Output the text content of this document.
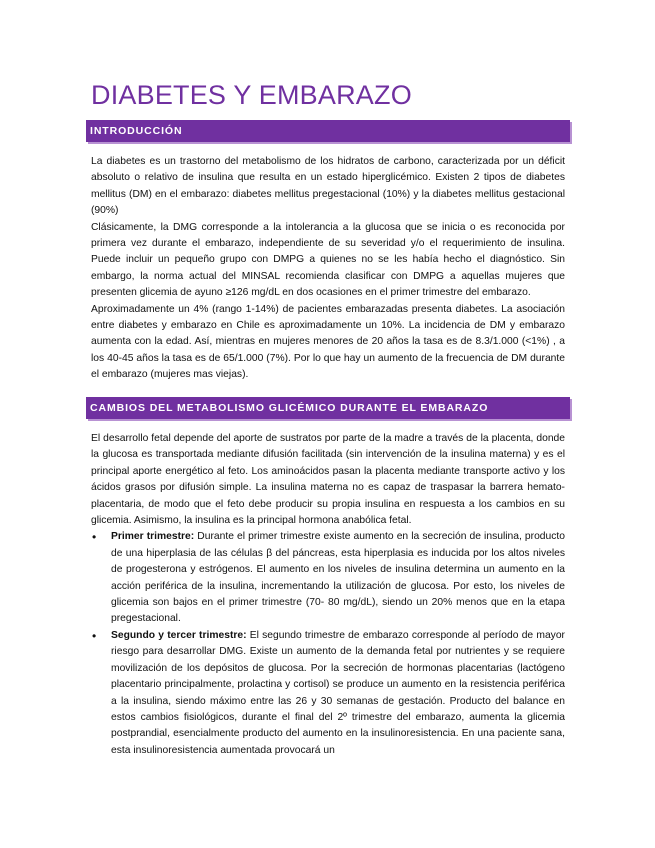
DIABETES Y EMBARAZO
INTRODUCCIÓN

La diabetes es un trastorno del metabolismo de los hidratos de carbono, caracterizada por un déficit absoluto o relativo de insulina que resulta en un estado hiperglicémico. Existen 2 tipos de diabetes mellitus (DM) en el embarazo: diabetes mellitus pregestacional (10%) y la diabetes mellitus gestacional (90%)

Clásicamente, la DMG corresponde a la intolerancia a la glucosa que se inicia o es reconocida por primera vez durante el embarazo, independiente de su severidad y/o el requerimiento de insulina. Puede incluir un pequeño grupo con DMPG a quienes no se les había hecho el diagnóstico. Sin embargo, la norma actual del MINSAL recomienda clasificar con DMPG a aquellas mujeres que presenten glicemia de ayuno ≥126 mg/dL en dos ocasiones en el primer trimestre del embarazo.

Aproximadamente un 4% (rango 1-14%) de pacientes embarazadas presenta diabetes. La asociación entre diabetes y embarazo en Chile es aproximadamente un 10%. La incidencia de DM y embarazo aumenta con la edad. Así, mientras en mujeres menores de 20 años la tasa es de 8.3/1.000 (<1%) , a los 40-45 años la tasa es de 65/1.000 (7%). Por lo que hay un aumento de la frecuencia de DM durante el embarazo (mujeres mas viejas).

CAMBIOS DEL METABOLISMO GLICÉMICO DURANTE EL EMBARAZO

El desarrollo fetal depende del aporte de sustratos por parte de la madre a través de la placenta, donde la glucosa es transportada mediante difusión facilitada (sin intervención de la insulina materna) y es el principal aporte energético al feto. Los aminoácidos pasan la placenta mediante transporte activo y los ácidos grasos por difusión simple. La insulina materna no es capaz de traspasar la barrera hemato-placentaria, de modo que el feto debe producir su propia insulina en respuesta a los cambios en su glicemia. Asimismo, la insulina es la principal hormona anabólica fetal.

• Primer trimestre: Durante el primer trimestre existe aumento en la secreción de insulina, producto de una hiperplasia de las células β del páncreas, esta hiperplasia es inducida por los altos niveles de progesterona y estrógenos. El aumento en los niveles de insulina determina un aumento en la acción periférica de la insulina, incrementando la utilización de glucosa. Por esto, los niveles de glicemia son bajos en el primer trimestre (70- 80 mg/dL), siendo un 20% menos que en la etapa pregestacional.
• Segundo y tercer trimestre: El segundo trimestre de embarazo corresponde al período de mayor riesgo para desarrollar DMG. Existe un aumento de la demanda fetal por nutrientes y se requiere movilización de los depósitos de glucosa. Por la secreción de hormonas placentarias (lactógeno placentario principalmente, prolactina y cortisol) se produce un aumento en la resistencia periférica a la insulina, siendo máximo entre las 26 y 30 semanas de gestación. Producto del balance en estos cambios fisiológicos, durante el final del 2º trimestre del embarazo, aumenta la glicemia postprandial, esencialmente producto del aumento en la insulinoresistencia. En una paciente sana, esta insulinoresistencia aumentada provocará un
